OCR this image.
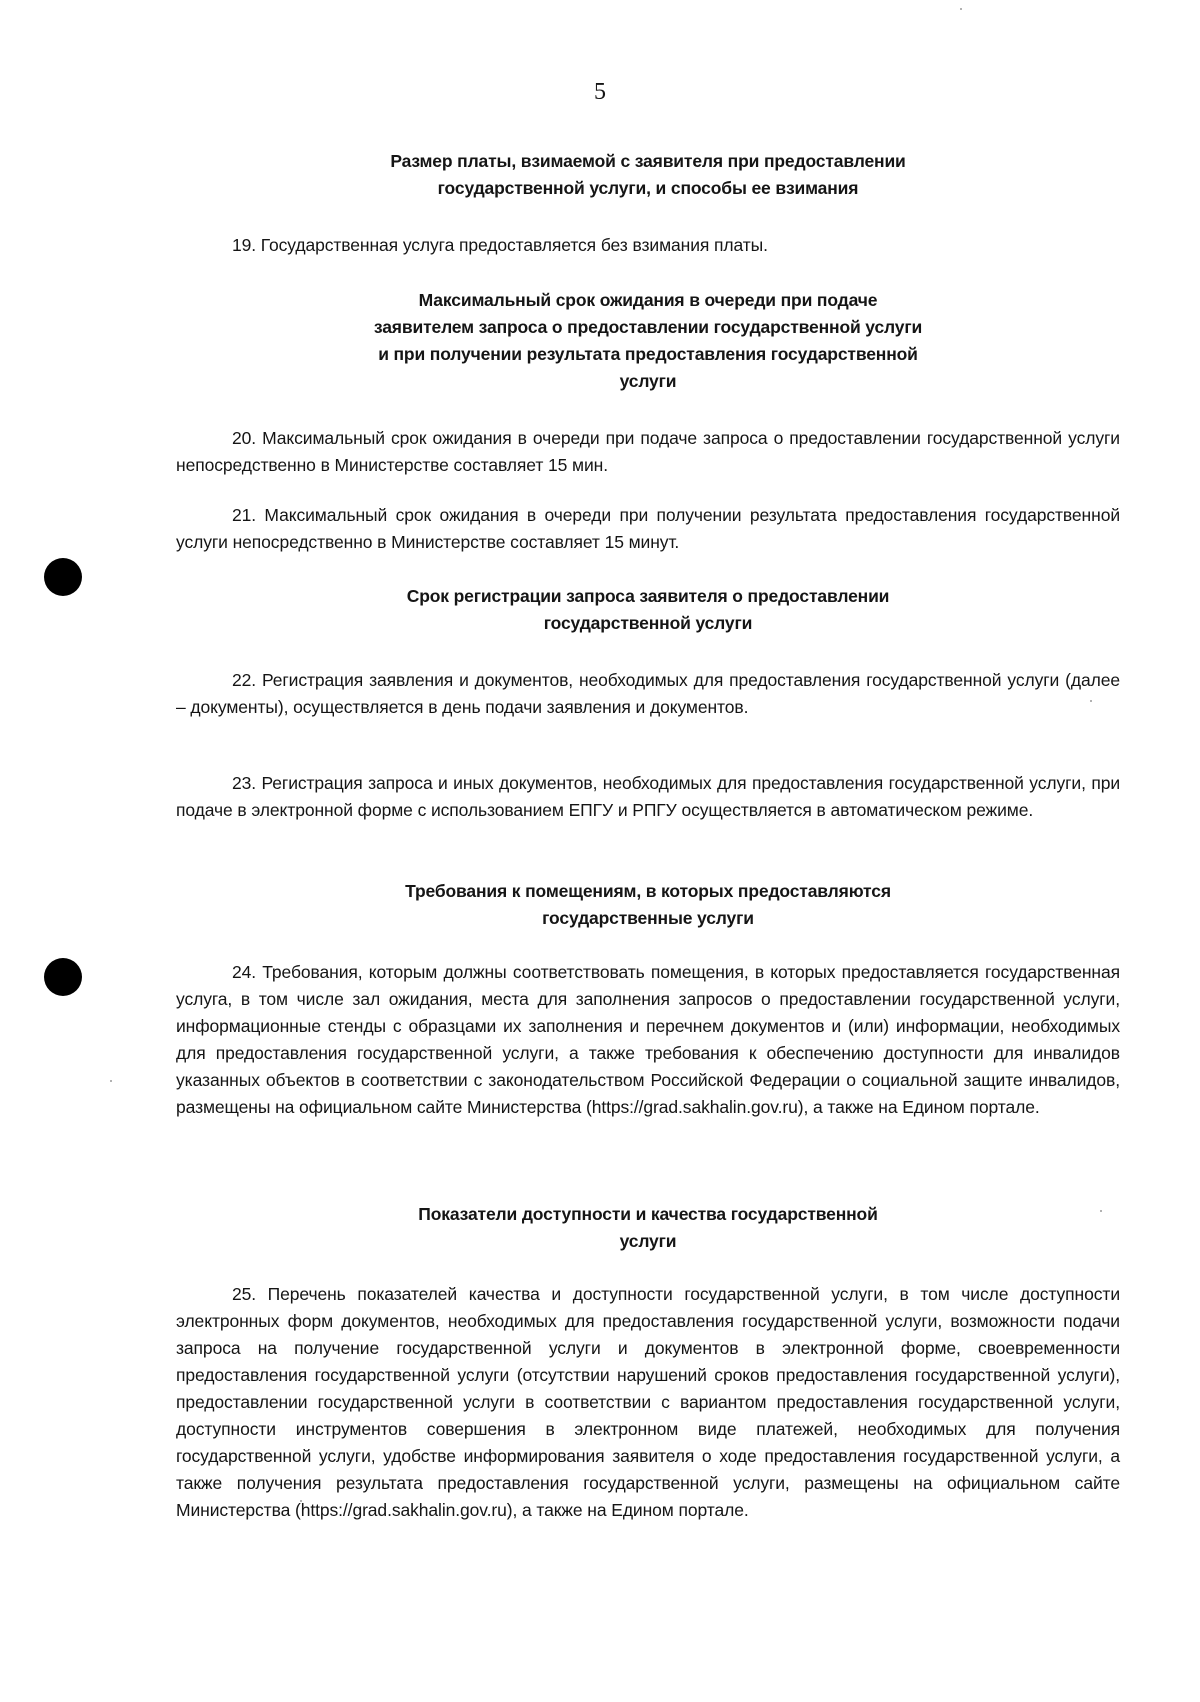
5
Размер платы, взимаемой с заявителя при предоставлении
государственной услуги, и способы ее взимания

19. Государственная услуга предоставляется без взимания платы.

Максимальный срок ожидания в очереди при подаче
заявителем запроса о предоставлении государственной услуги
и при получении результата предоставления государственной
услуги

20. Максимальный срок ожидания в очереди при подаче запроса о предоставлении государственной услуги непосредственно в Министерстве составляет 15 мин.

21. Максимальный срок ожидания в очереди при получении результата предоставления государственной услуги непосредственно в Министерстве составляет 15 минут.

Срок регистрации запроса заявителя о предоставлении
государственной услуги

22. Регистрация заявления и документов, необходимых для предоставления государственной услуги (далее – документы), осуществляется в день подачи заявления и документов.

23. Регистрация запроса и иных документов, необходимых для предоставления государственной услуги, при подаче в электронной форме с использованием ЕПГУ и РПГУ осуществляется в автоматическом режиме.

Требования к помещениям, в которых предоставляются
государственные услуги

24. Требования, которым должны соответствовать помещения, в которых предоставляется государственная услуга, в том числе зал ожидания, места для заполнения запросов о предоставлении государственной услуги, информационные стенды с образцами их заполнения и перечнем документов и (или) информации, необходимых для предоставления государственной услуги, а также требования к обеспечению доступности для инвалидов указанных объектов в соответствии с законодательством Российской Федерации о социальной защите инвалидов, размещены на официальном сайте Министерства (https://grad.sakhalin.gov.ru), а также на Едином портале.

Показатели доступности и качества государственной
услуги

25. Перечень показателей качества и доступности государственной услуги, в том числе доступности электронных форм документов, необходимых для предоставления государственной услуги, возможности подачи запроса на получение государственной услуги и документов в электронной форме, своевременности предоставления государственной услуги (отсутствии нарушений сроков предоставления государственной услуги), предоставлении государственной услуги в соответствии с вариантом предоставления государственной услуги, доступности инструментов совершения в электронном виде платежей, необходимых для получения государственной услуги, удобстве информирования заявителя о ходе предоставления государственной услуги, а также получения результата предоставления государственной услуги, размещены на официальном сайте Министерства (https://grad.sakhalin.gov.ru), а также на Едином портале.
